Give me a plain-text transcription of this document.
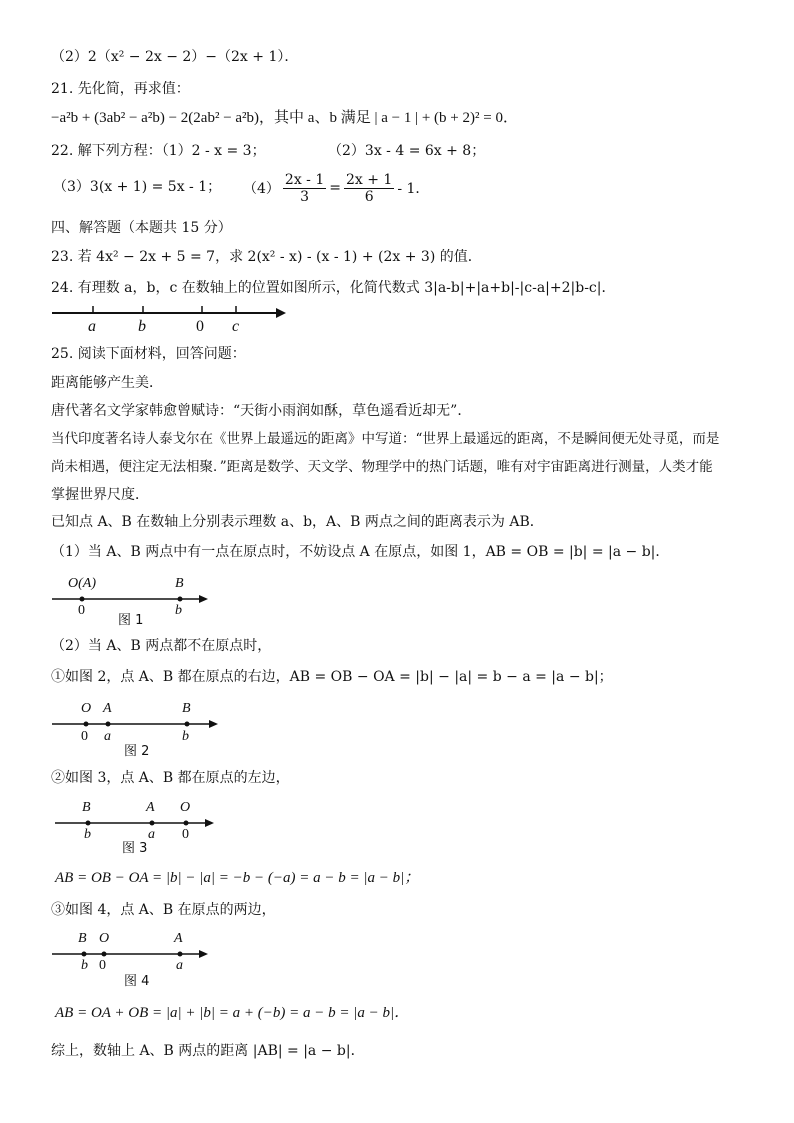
（2）2（x² − 2x − 2）−（2x + 1）．
21. 先化简，再求值：
−a²b + (3ab² − a²b) − 2(2ab² − a²b)，其中 a、b 满足 | a − 1 | + (b + 2)² = 0．
22. 解下列方程：（1）2 - x = 3；	（2）3x - 4 = 6x + 8；
（3）3(x + 1) = 5x - 1； $(4) \frac{2x - 1}{3} = \frac{2x + 1}{6} - 1$．
四、解答题（本题共 15 分）
23. 若 4x² − 2x + 5 = 7，求 2(x² - x) - (x - 1) + (2x + 3) 的值．
24. 有理数 a，b，c 在数轴上的位置如图所示，化简代数式 3|a-b|+|a+b|-|c-a|+2|b-c|．
a	b	0 c
25. 阅读下面材料，回答问题：
距离能够产生美．
唐代著名文学家韩愈曾赋诗：“天街小雨润如酥，草色遥看近却无”．
当代印度著名诗人泰戈尔在《世界上最遥远的距离》中写道：“世界上最遥远的距离，不是瞬间便无处寻觅，而是
尚未相遇，便注定无法相聚．”距离是数学、天文学、物理学中的热门话题，唯有对宇宙距离进行测量，人类才能
掌握世界尺度．
已知点 A、B 在数轴上分别表示理数 a、b，A、B 两点之间的距离表示为 AB．
（1）当 A、B 两点中有一点在原点时，不妨设点 A 在原点，如图 1，AB = OB = |b| = |a − b|．
O(A)	B
0	b
图 1
（2）当 A、B 两点都不在原点时，
①如图 2，点 A、B 都在原点的右边，AB = OB − OA = |b| − |a| = b − a = |a − b|；
O A	B
0 a	b
图 2
②如图 3，点 A、B 都在原点的左边，
B	A O
b	a 0
图 3
AB = OB − OA = |b| − |a| = −b − (−a) = a − b = |a − b|；
③如图 4，点 A、B 在原点的两边，
B O	A
b 0	a
图 4
AB = OA + OB = |a| + |b| = a + (−b) = a − b = |a − b|．
综上，数轴上 A、B 两点的距离 |AB| = |a − b|．
